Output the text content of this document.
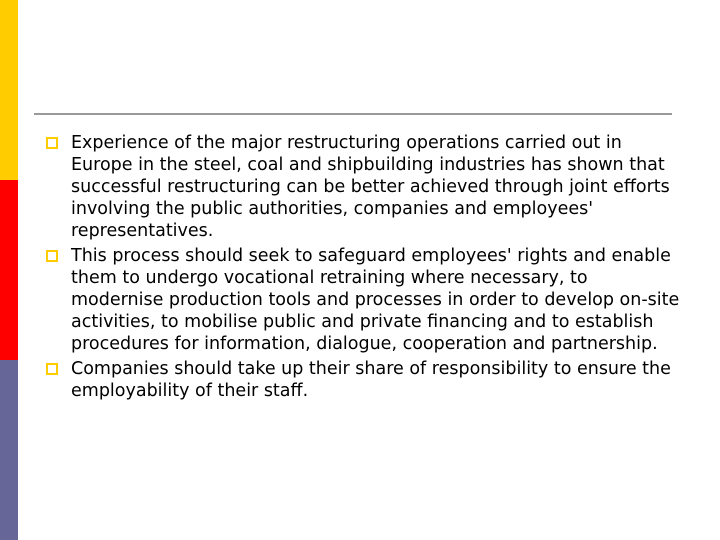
Experience of the major restructuring operations carried out in Europe in the steel, coal and shipbuilding industries has shown that successful restructuring can be better achieved through joint efforts involving the public authorities, companies and employees' representatives.
This process should seek to safeguard employees' rights and enable them to undergo vocational retraining where necessary, to modernise production tools and processes in order to develop on-site activities, to mobilise public and private financing and to establish procedures for information, dialogue, cooperation and partnership.
Companies should take up their share of responsibility to ensure the employability of their staff.
